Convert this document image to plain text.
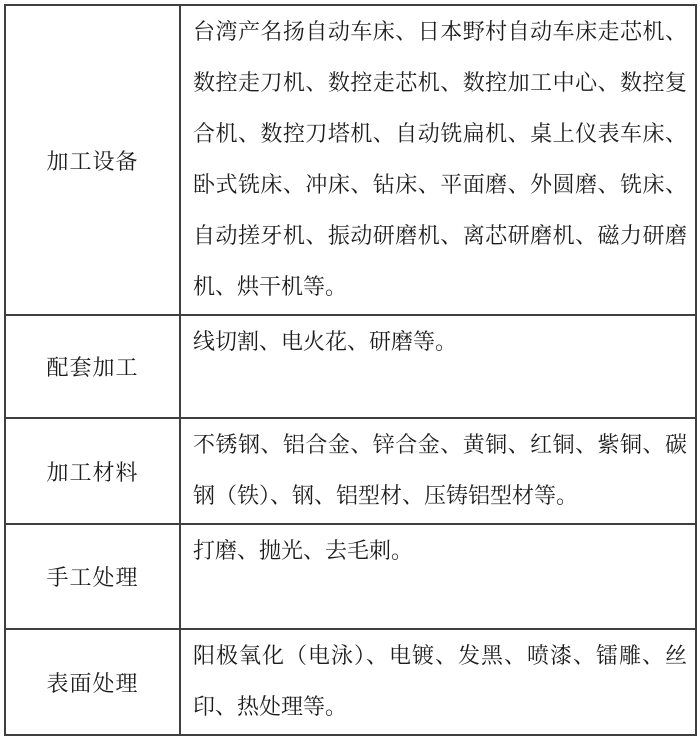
加工设备	台湾产名扬自动车床、日本野村自动车床走芯机、数控走刀机、数控走芯机、数控加工中心、数控复合机、数控刀塔机、自动铣扁机、桌上仪表车床、卧式铣床、冲床、钻床、平面磨、外圆磨、铣床、自动搓牙机、振动研磨机、离芯研磨机、磁力研磨机、烘干机等。
配套加工	线切割、电火花、研磨等。
加工材料	不锈钢、铝合金、锌合金、黄铜、红铜、紫铜、碳钢（铁）、钢、铝型材、压铸铝型材等。
手工处理	打磨、抛光、去毛刺。
表面处理	阳极氧化（电泳）、电镀、发黑、喷漆、镭雕、丝印、热处理等。
